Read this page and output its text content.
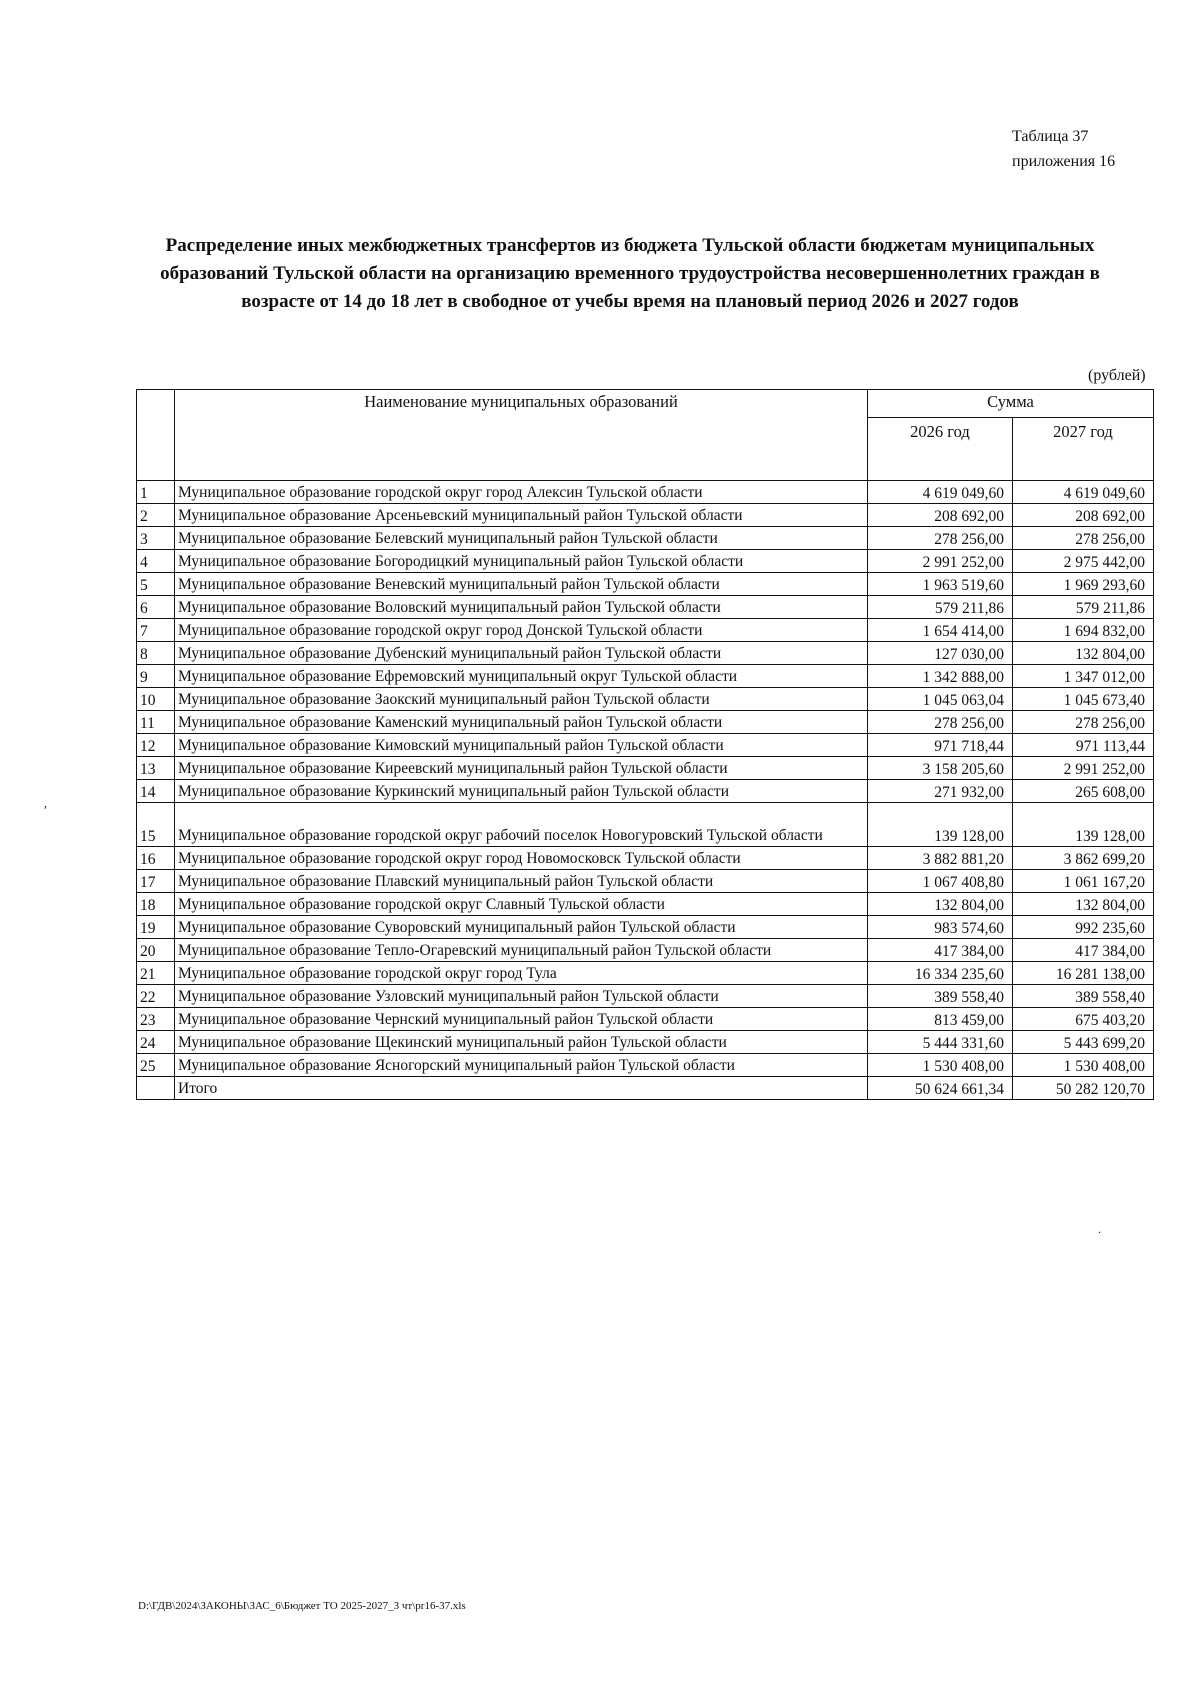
Таблица 37
приложения 16
Распределение иных межбюджетных трансфертов из бюджета Тульской области бюджетам муниципальных образований Тульской области на организацию временного трудоустройства несовершеннолетних граждан в возрасте от 14 до 18 лет в свободное от учебы время на плановый период 2026 и 2027 годов
(рублей)
	Наименование муниципальных образований	Сумма	
		2026 год	2027 год
1	Муниципальное образование городской округ город Алексин Тульской области	4 619 049,60	4 619 049,60
2	Муниципальное образование Арсеньевский муниципальный район Тульской области	208 692,00	208 692,00
3	Муниципальное образование Белевский муниципальный район Тульской области	278 256,00	278 256,00
4	Муниципальное образование Богородицкий муниципальный район Тульской области	2 991 252,00	2 975 442,00
5	Муниципальное образование Веневский муниципальный район Тульской области	1 963 519,60	1 969 293,60
6	Муниципальное образование Воловский муниципальный район Тульской области	579 211,86	579 211,86
7	Муниципальное образование городской округ город Донской Тульской области	1 654 414,00	1 694 832,00
8	Муниципальное образование Дубенский муниципальный район Тульской области	127 030,00	132 804,00
9	Муниципальное образование Ефремовский муниципальный округ Тульской области	1 342 888,00	1 347 012,00
10	Муниципальное образование Заокский муниципальный район Тульской области	1 045 063,04	1 045 673,40
11	Муниципальное образование Каменский муниципальный район Тульской области	278 256,00	278 256,00
12	Муниципальное образование Кимовский муниципальный район Тульской области	971 718,44	971 113,44
13	Муниципальное образование Киреевский муниципальный район Тульской области	3 158 205,60	2 991 252,00
14	Муниципальное образование Куркинский муниципальный район Тульской области	271 932,00	265 608,00
15	Муниципальное образование городской округ рабочий поселок Новогуровский Тульской области	139 128,00	139 128,00
16	Муниципальное образование городской округ город Новомосковск Тульской области	3 882 881,20	3 862 699,20
17	Муниципальное образование Плавский муниципальный район Тульской области	1 067 408,80	1 061 167,20
18	Муниципальное образование городской округ Славный Тульской области	132 804,00	132 804,00
19	Муниципальное образование Суворовский муниципальный район Тульской области	983 574,60	992 235,60
20	Муниципальное образование Тепло-Огаревский муниципальный район Тульской области	417 384,00	417 384,00
21	Муниципальное образование городской округ город Тула	16 334 235,60	16 281 138,00
22	Муниципальное образование Узловский муниципальный район Тульской области	389 558,40	389 558,40
23	Муниципальное образование Чернский муниципальный район Тульской области	813 459,00	675 403,20
24	Муниципальное образование Щекинский муниципальный район Тульской области	5 444 331,60	5 443 699,20
25	Муниципальное образование Ясногорский муниципальный район Тульской области	1 530 408,00	1 530 408,00
	Итого	50 624 661,34	50 282 120,70
D:\ГДВ\2024\ЗАКОНЫ\ЗАС_6\Бюджет ТО 2025-2027_3 чт\pr16-37.xls
,
.
